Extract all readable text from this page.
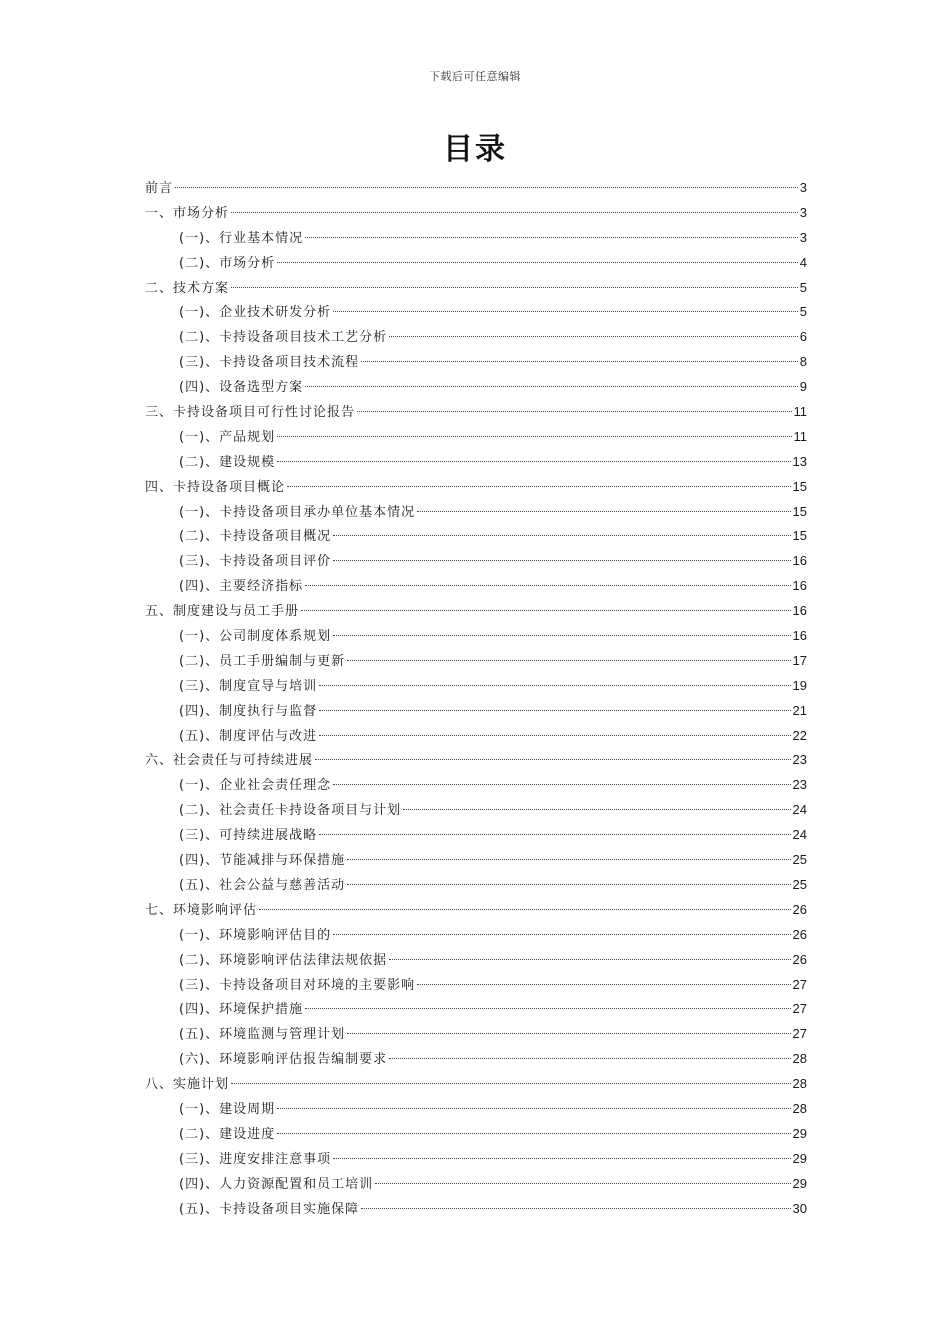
下载后可任意编辑
目录
前言	3
一、市场分析	3
(一)、行业基本情况	3
(二)、市场分析	4
二、技术方案	5
(一)、企业技术研发分析	5
(二)、卡持设备项目技术工艺分析	6
(三)、卡持设备项目技术流程	8
(四)、设备选型方案	9
三、卡持设备项目可行性讨论报告	11
(一)、产品规划	11
(二)、建设规模	13
四、卡持设备项目概论	15
(一)、卡持设备项目承办单位基本情况	15
(二)、卡持设备项目概况	15
(三)、卡持设备项目评价	16
(四)、主要经济指标	16
五、制度建设与员工手册	16
(一)、公司制度体系规划	16
(二)、员工手册编制与更新	17
(三)、制度宣导与培训	19
(四)、制度执行与监督	21
(五)、制度评估与改进	22
六、社会责任与可持续进展	23
(一)、企业社会责任理念	23
(二)、社会责任卡持设备项目与计划	24
(三)、可持续进展战略	24
(四)、节能减排与环保措施	25
(五)、社会公益与慈善活动	25
七、环境影响评估	26
(一)、环境影响评估目的	26
(二)、环境影响评估法律法规依据	26
(三)、卡持设备项目对环境的主要影响	27
(四)、环境保护措施	27
(五)、环境监测与管理计划	27
(六)、环境影响评估报告编制要求	28
八、实施计划	28
(一)、建设周期	28
(二)、建设进度	29
(三)、进度安排注意事项	29
(四)、人力资源配置和员工培训	29
(五)、卡持设备项目实施保障	30
